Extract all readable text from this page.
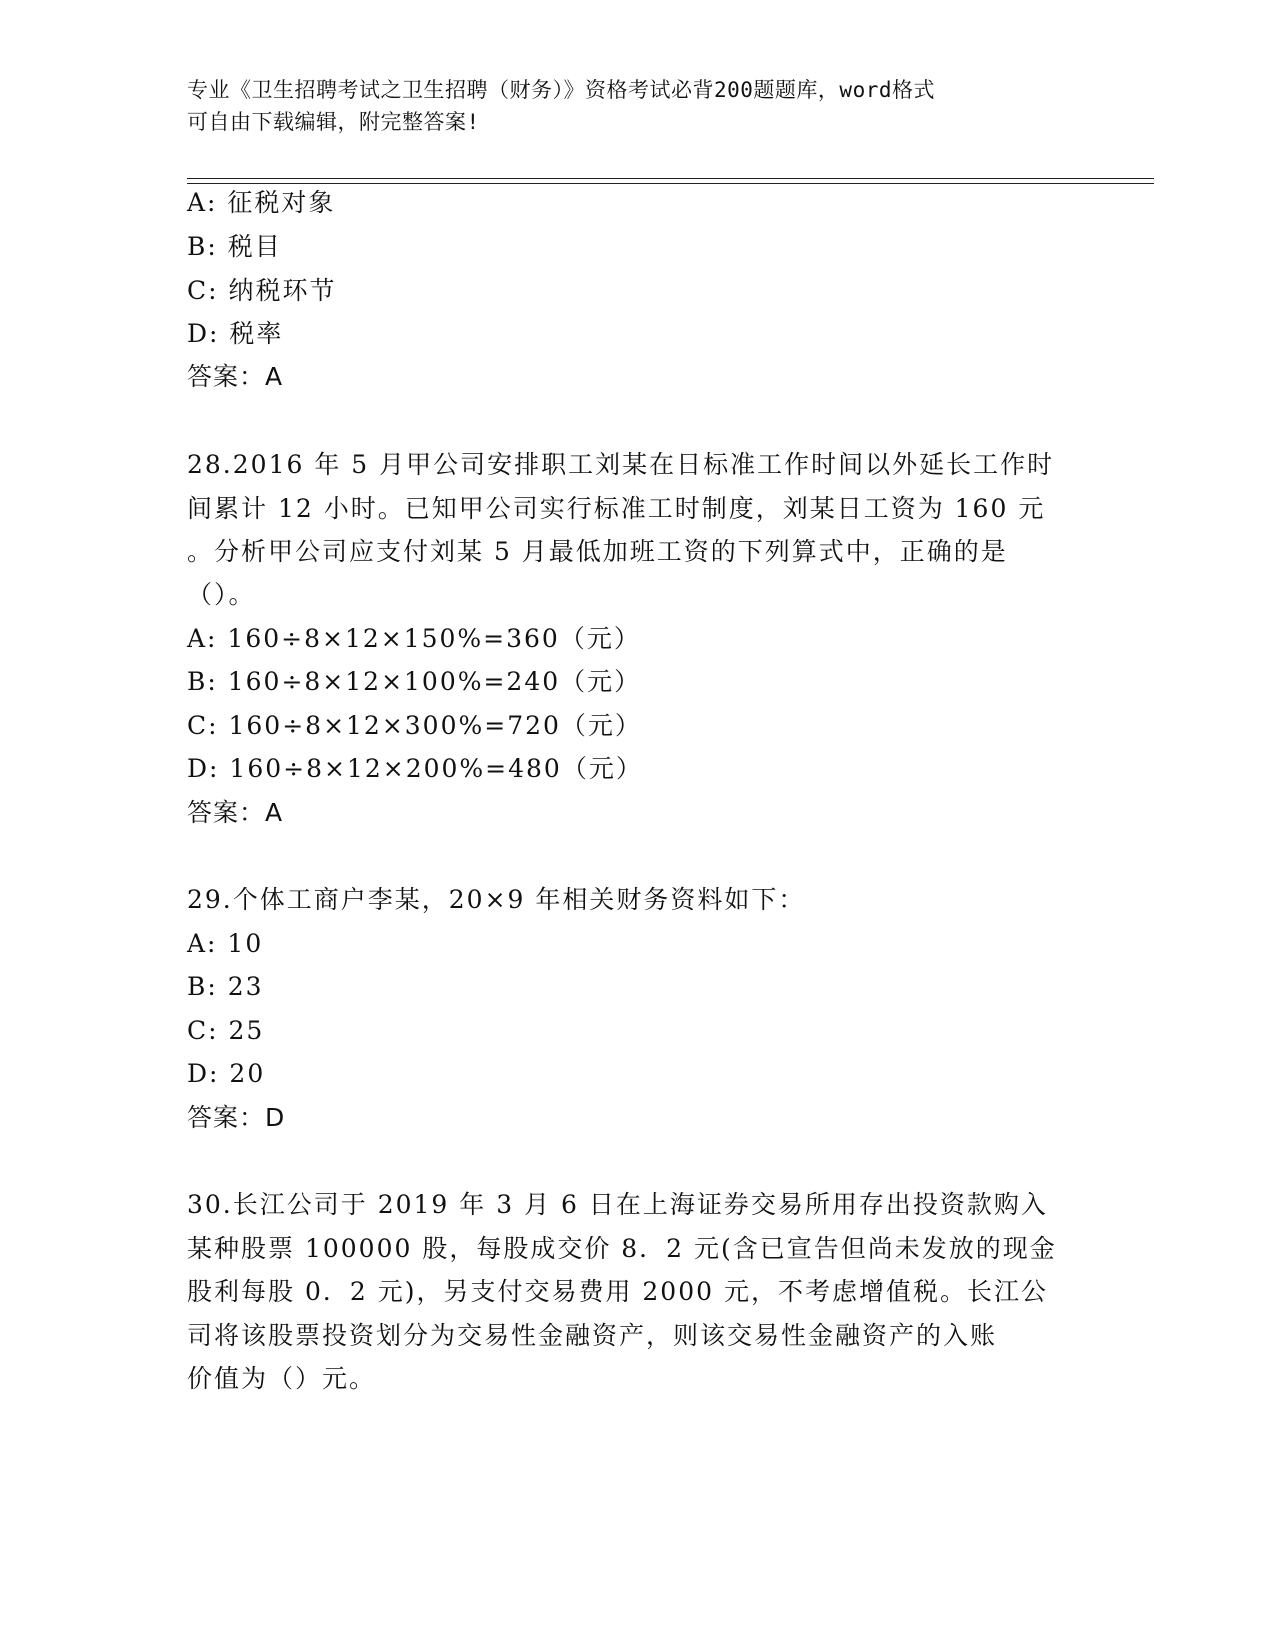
专业《卫生招聘考试之卫生招聘（财务）》资格考试必背200题题库，word格式
可自由下载编辑，附完整答案!
A: 征税对象
B: 税目
C: 纳税环节
D: 税率
答案：A
28.2016 年 5 月甲公司安排职工刘某在日标准工作时间以外延长工作时
间累计 12 小时。已知甲公司实行标准工时制度，刘某日工资为 160 元
。分析甲公司应支付刘某 5 月最低加班工资的下列算式中，正确的是
（）。
A: 160÷8×12×150%=360（元）
B: 160÷8×12×100%=240（元）
C: 160÷8×12×300%=720（元）
D: 160÷8×12×200%=480（元）
答案：A
29.个体工商户李某，20×9 年相关财务资料如下：
A: 10
B: 23
C: 25
D: 20
答案：D
30.长江公司于 2019 年 3 月 6 日在上海证券交易所用存出投资款购入
某种股票 100000 股，每股成交价 8．2 元(含已宣告但尚未发放的现金
股利每股 0．2 元)，另支付交易费用 2000 元，不考虑增值税。长江公
司将该股票投资划分为交易性金融资产，则该交易性金融资产的入账
价值为（）元。
